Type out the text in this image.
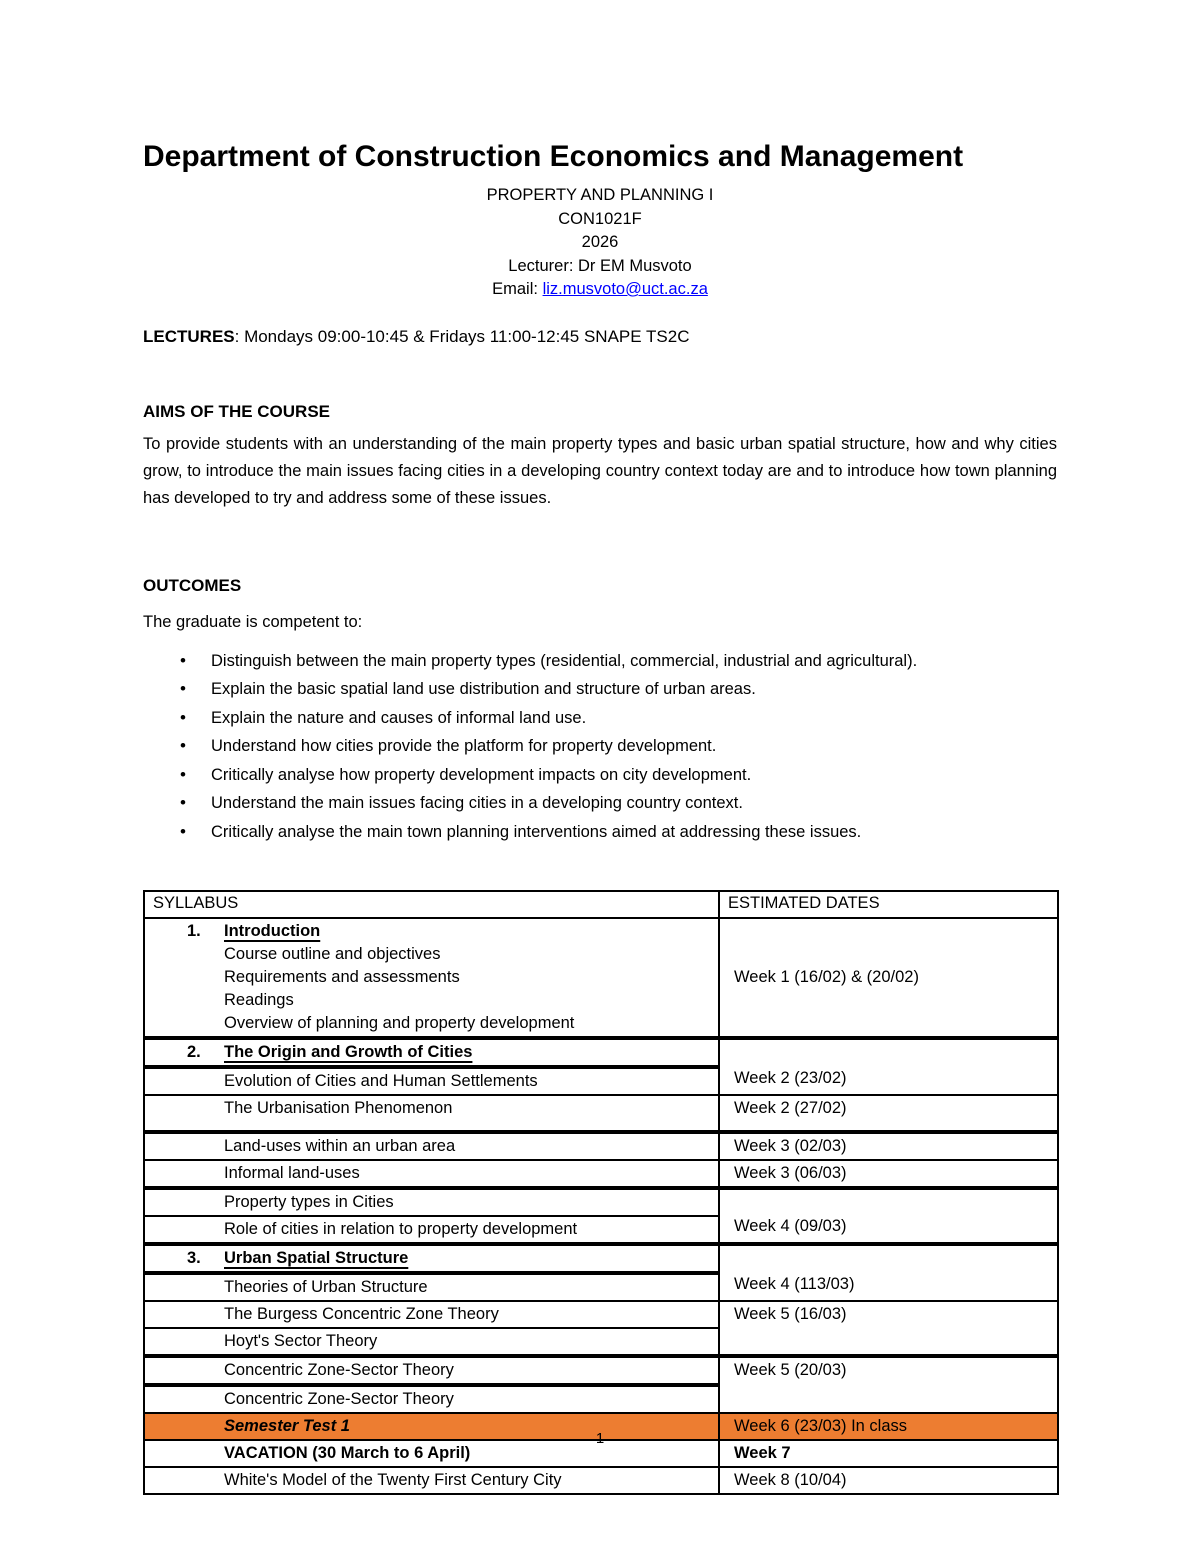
Department of Construction Economics and Management
PROPERTY AND PLANNING I
CON1021F
2026
Lecturer: Dr EM Musvoto
Email: liz.musvoto@uct.ac.za
LECTURES: Mondays 09:00-10:45 & Fridays 11:00-12:45 SNAPE TS2C
AIMS OF THE COURSE
To provide students with an understanding of the main property types and basic urban spatial structure, how and why cities grow, to introduce the main issues facing cities in a developing country context today are and to introduce how town planning has developed to try and address some of these issues.
OUTCOMES
The graduate is competent to:
• Distinguish between the main property types (residential, commercial, industrial and agricultural).
• Explain the basic spatial land use distribution and structure of urban areas.
• Explain the nature and causes of informal land use.
• Understand how cities provide the platform for property development.
• Critically analyse how property development impacts on city development.
• Understand the main issues facing cities in a developing country context.
• Critically analyse the main town planning interventions aimed at addressing these issues.
SYLLABUS	ESTIMATED DATES

1. Introduction
Course outline and objectives
Requirements and assessments
Readings
Overview of planning and property development	Week 1 (16/02) & (20/02)
2. The Origin and Growth of Cities	Week 2 (23/02)
Evolution of Cities and Human Settlements	
The Urbanisation Phenomenon	Week 2 (27/02)
Land-uses within an urban area	Week 3 (02/03)
Informal land-uses	Week 3 (06/03)
Property types in Cities	Week 4 (09/03)
Role of cities in relation to property development	
3. Urban Spatial Structure	Week 4 (113/03)
Theories of Urban Structure	
The Burgess Concentric Zone Theory	Week 5 (16/03)
Hoyt's Sector Theory	
Concentric Zone-Sector Theory	Week 5 (20/03)
Concentric Zone-Sector Theory	
Semester Test 1	Week 6 (23/03) In class
VACATION (30 March to 6 April)	Week 7
White's Model of the Twenty First Century City	Week 8 (10/04)
1
